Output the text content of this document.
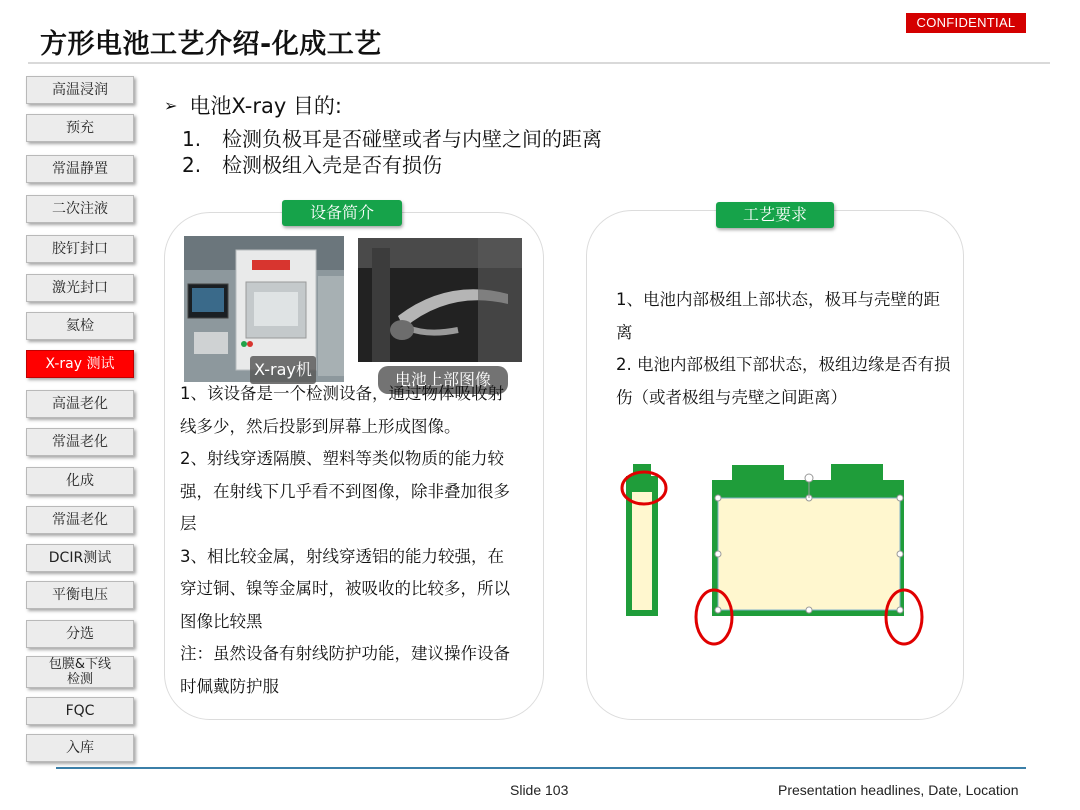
方形电池工艺介绍-化成工艺
CONFIDENTIAL
高温浸润
预充
常温静置
二次注液
胶钉封口
激光封口
氦检
X-ray 测试
高温老化
常温老化
化成
常温老化
DCIR测试
平衡电压
分选
包膜&下线
检测
FQC
入库
➢ 电池X-ray 目的:
1. 检测负极耳是否碰壁或者与内壁之间的距离
2. 检测极组入壳是否有损伤
设备简介	工艺要求
X-ray机
电池上部图像

1、该设备是一个检测设备，通过物体吸收射线多少，然后投影到屏幕上形成图像。

2、射线穿透隔膜、塑料等类似物质的能力较强，在射线下几乎看不到图像，除非叠加很多层

3、相比较金属，射线穿透铝的能力较强，在穿过铜、镍等金属时，被吸收的比较多，所以图像比较黑

注：虽然设备有射线防护功能，建议操作设备时佩戴防护服

1、电池内部极组上部状态，极耳与壳壁的距离

2. 电池内部极组下部状态，极组边缘是否有损伤（或者极组与壳壁之间距离）

Slide 103	Presentation headlines, Date, Location
